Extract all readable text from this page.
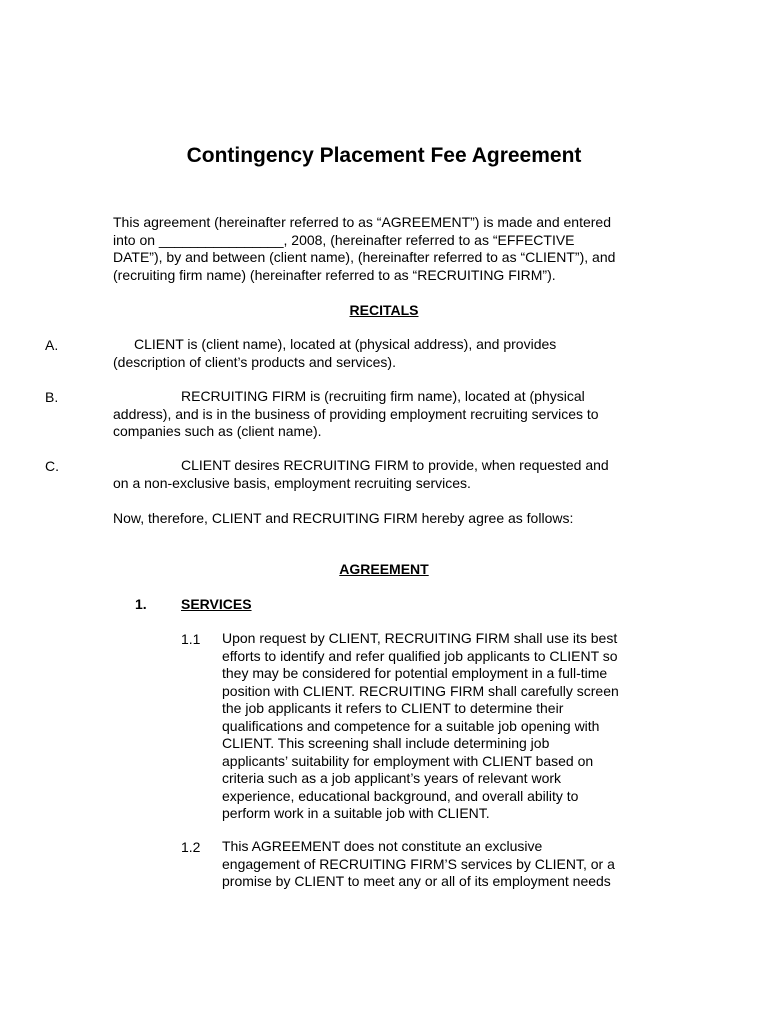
Contingency Placement Fee Agreement
This agreement (hereinafter referred to as “AGREEMENT”) is made and entered
into on ________________, 2008, (hereinafter referred to as “EFFECTIVE
DATE”), by and between (client name), (hereinafter referred to as “CLIENT”), and
(recruiting firm name) (hereinafter referred to as “RECRUITING FIRM”).
RECITALS
A.	CLIENT is (client name), located at (physical address), and provides
(description of client’s products and services).
B.	RECRUITING FIRM is (recruiting firm name), located at (physical
address), and is in the business of providing employment recruiting services to
companies such as (client name).
C.	CLIENT desires RECRUITING FIRM to provide, when requested and
on a non-exclusive basis, employment recruiting services.
Now, therefore, CLIENT and RECRUITING FIRM hereby agree as follows:
AGREEMENT
1. SERVICES
1.1 Upon request by CLIENT, RECRUITING FIRM shall use its best
efforts to identify and refer qualified job applicants to CLIENT so
they may be considered for potential employment in a full-time
position with CLIENT. RECRUITING FIRM shall carefully screen
the job applicants it refers to CLIENT to determine their
qualifications and competence for a suitable job opening with
CLIENT. This screening shall include determining job
applicants’ suitability for employment with CLIENT based on
criteria such as a job applicant’s years of relevant work
experience, educational background, and overall ability to
perform work in a suitable job with CLIENT.
1.2 This AGREEMENT does not constitute an exclusive
engagement of RECRUITING FIRM’S services by CLIENT, or a
promise by CLIENT to meet any or all of its employment needs
